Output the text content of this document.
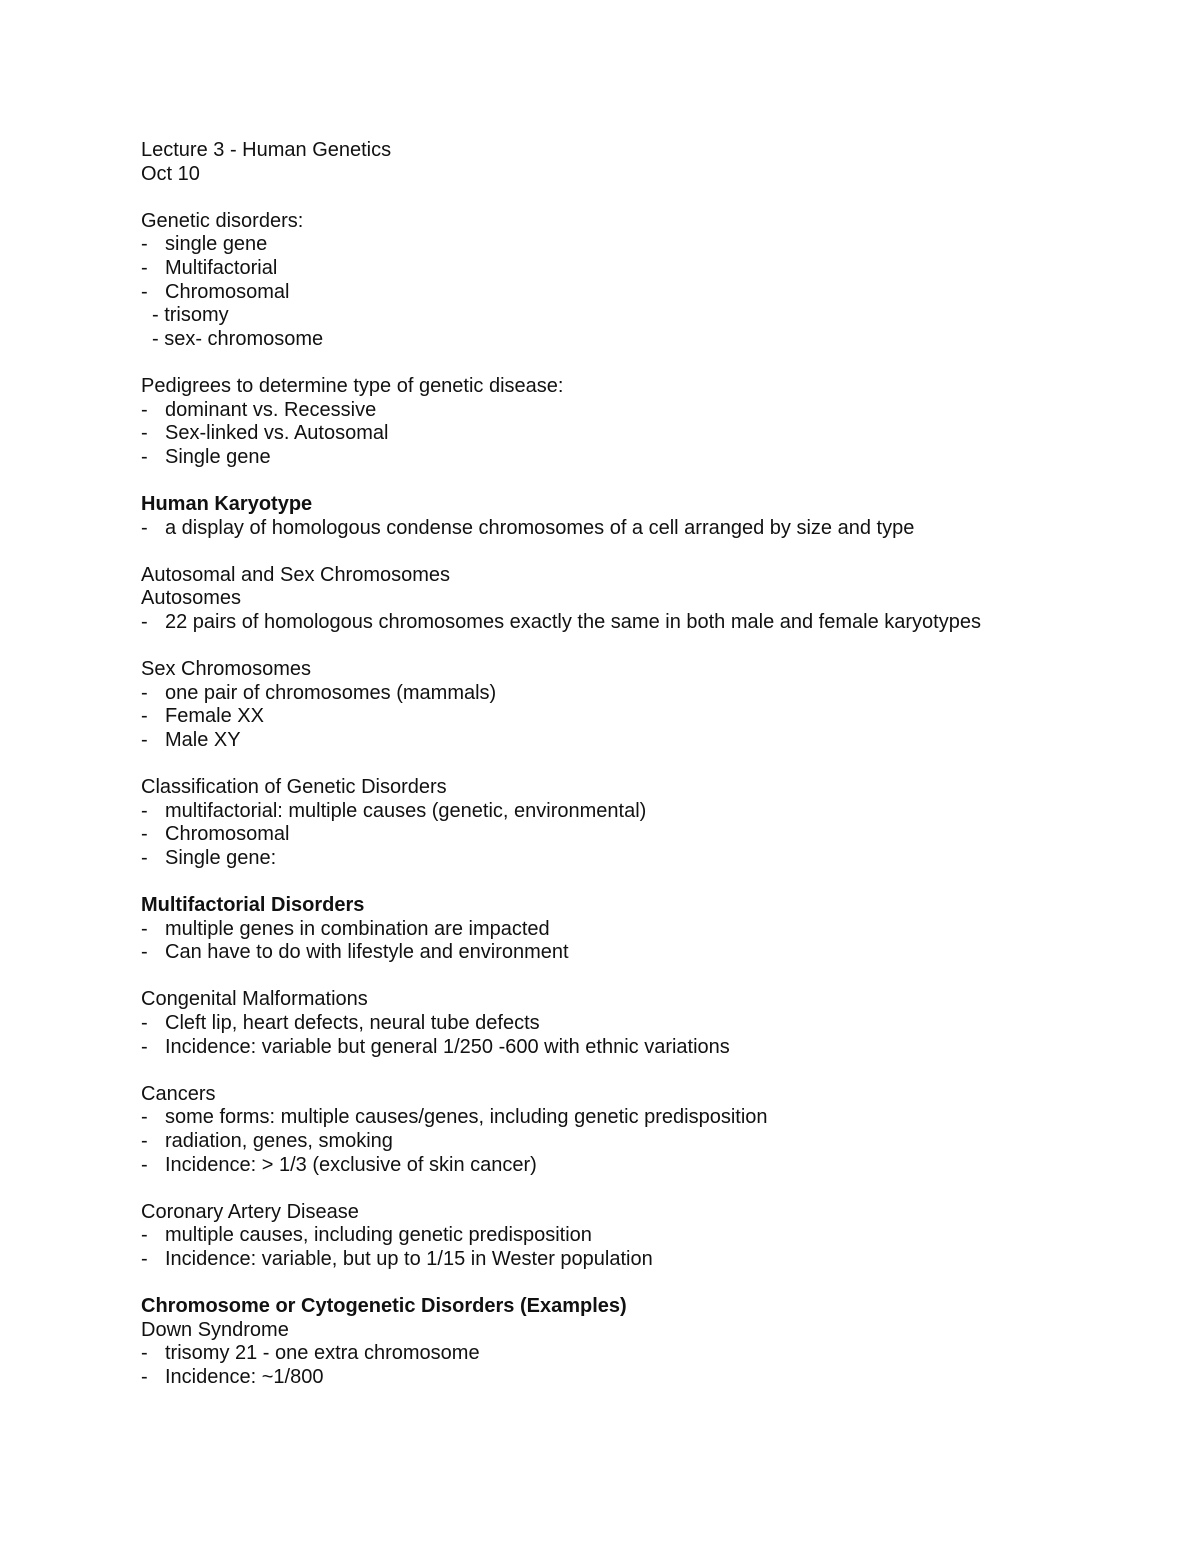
Lecture 3 - Human Genetics
Oct 10
Genetic disorders:
- single gene
- Multifactorial
- Chromosomal
- trisomy
- sex- chromosome
Pedigrees to determine type of genetic disease:
- dominant vs. Recessive
- Sex-linked vs. Autosomal
- Single gene
Human Karyotype
- a display of homologous condense chromosomes of a cell arranged by size and type
Autosomal and Sex Chromosomes
Autosomes
- 22 pairs of homologous chromosomes exactly the same in both male and female karyotypes
Sex Chromosomes
- one pair of chromosomes (mammals)
- Female XX
- Male XY
Classification of Genetic Disorders
- multifactorial: multiple causes (genetic, environmental)
- Chromosomal
- Single gene:
Multifactorial Disorders
- multiple genes in combination are impacted
- Can have to do with lifestyle and environment
Congenital Malformations
- Cleft lip, heart defects, neural tube defects
- Incidence: variable but general 1/250 -600 with ethnic variations
Cancers
- some forms: multiple causes/genes, including genetic predisposition
- radiation, genes, smoking
- Incidence: > 1/3 (exclusive of skin cancer)
Coronary Artery Disease
- multiple causes, including genetic predisposition
- Incidence: variable, but up to 1/15 in Wester population
Chromosome or Cytogenetic Disorders (Examples)
Down Syndrome
- trisomy 21 - one extra chromosome
- Incidence: ~1/800
